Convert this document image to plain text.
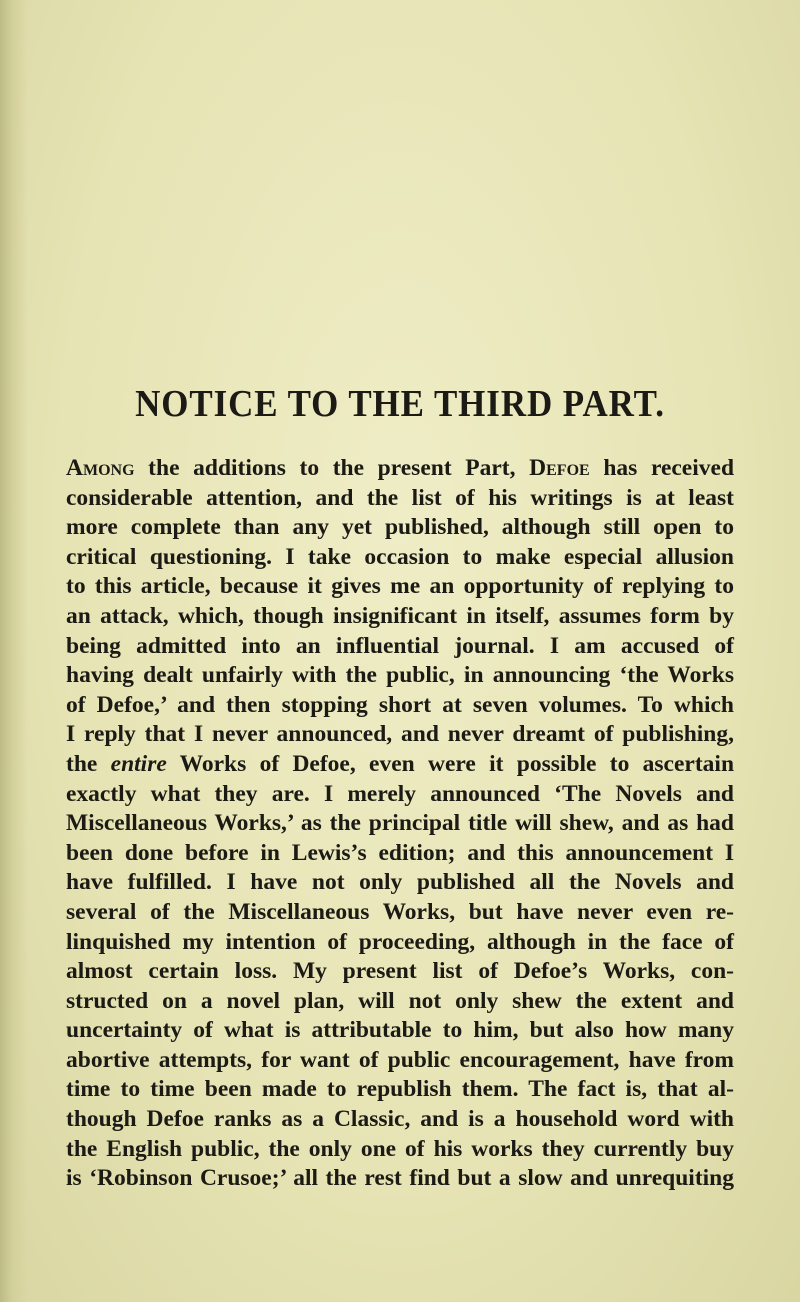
NOTICE TO THE THIRD PART.
Among the additions to the present Part, Defoe has received
considerable attention, and the list of his writings is at least
more complete than any yet published, although still open to
critical questioning. I take occasion to make especial allusion
to this article, because it gives me an opportunity of replying to
an attack, which, though insignificant in itself, assumes form by
being admitted into an influential journal. I am accused of
having dealt unfairly with the public, in announcing ‘the Works
of Defoe,’ and then stopping short at seven volumes. To which
I reply that I never announced, and never dreamt of publishing,
the entire Works of Defoe, even were it possible to ascertain
exactly what they are. I merely announced ‘The Novels and
Miscellaneous Works,’ as the principal title will shew, and as had
been done before in Lewis’s edition; and this announcement I
have fulfilled. I have not only published all the Novels and
several of the Miscellaneous Works, but have never even re-
linquished my intention of proceeding, although in the face of
almost certain loss. My present list of Defoe’s Works, con-
structed on a novel plan, will not only shew the extent and
uncertainty of what is attributable to him, but also how many
abortive attempts, for want of public encouragement, have from
time to time been made to republish them. The fact is, that al-
though Defoe ranks as a Classic, and is a household word with
the English public, the only one of his works they currently buy
is ‘Robinson Crusoe;’ all the rest find but a slow and unrequiting
